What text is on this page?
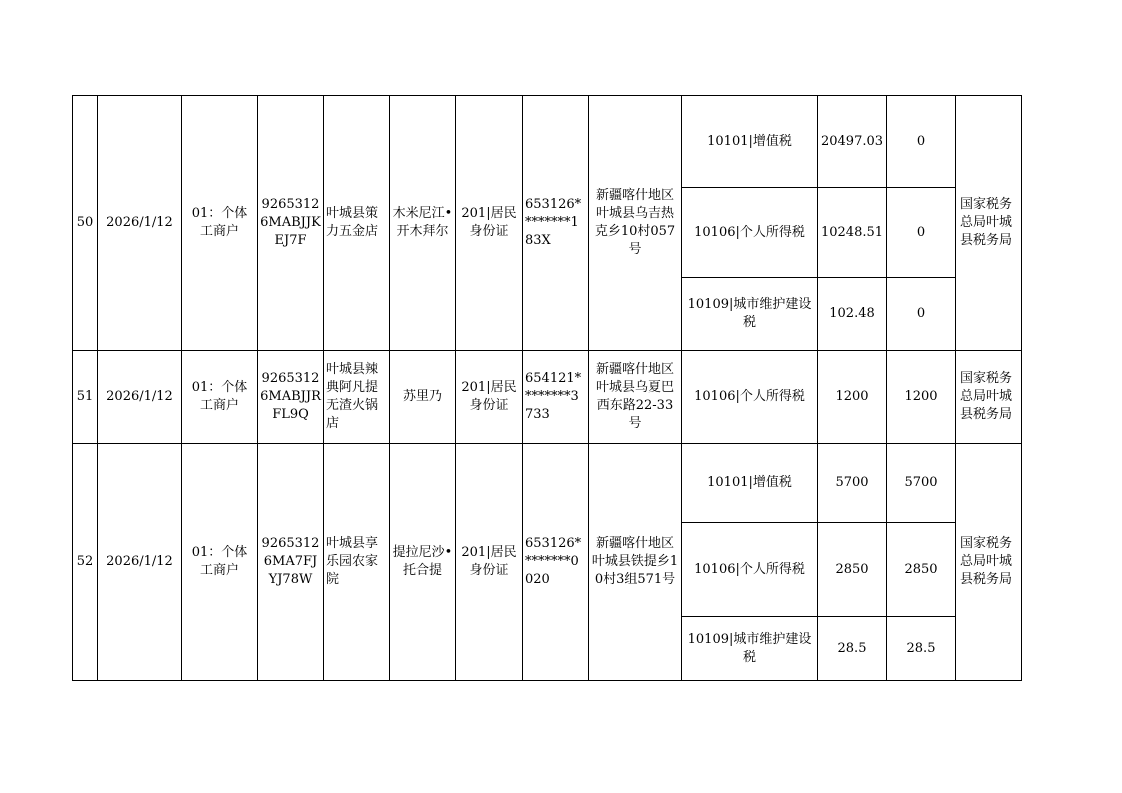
50	2026/1/12	01：个体工商户	92653126MABJJKEJ7F	叶城县策力五金店	木米尼江•开木拜尔	201|居民身份证	653126********183X	新疆喀什地区叶城县乌吉热克乡10村057号	10101|增值税	20497.03	0	国家税务总局叶城县税务局
									10106|个人所得税	10248.51	0	
									10109|城市维护建设税	102.48	0	
51	2026/1/12	01：个体工商户	92653126MABJJRFL9Q	叶城县辣典阿凡提无渣火锅店	苏里乃	201|居民身份证	654121********3733	新疆喀什地区叶城县乌夏巴西东路22-33号	10106|个人所得税	1200	1200	国家税务总局叶城县税务局
52	2026/1/12	01：个体工商户	92653126MA7FJYJ78W	叶城县享乐园农家院	提拉尼沙•托合提	201|居民身份证	653126********0020	新疆喀什地区叶城县铁提乡10村3组571号	10101|增值税	5700	5700	国家税务总局叶城县税务局
									10106|个人所得税	2850	2850	
									10109|城市维护建设税	28.5	28.5	
